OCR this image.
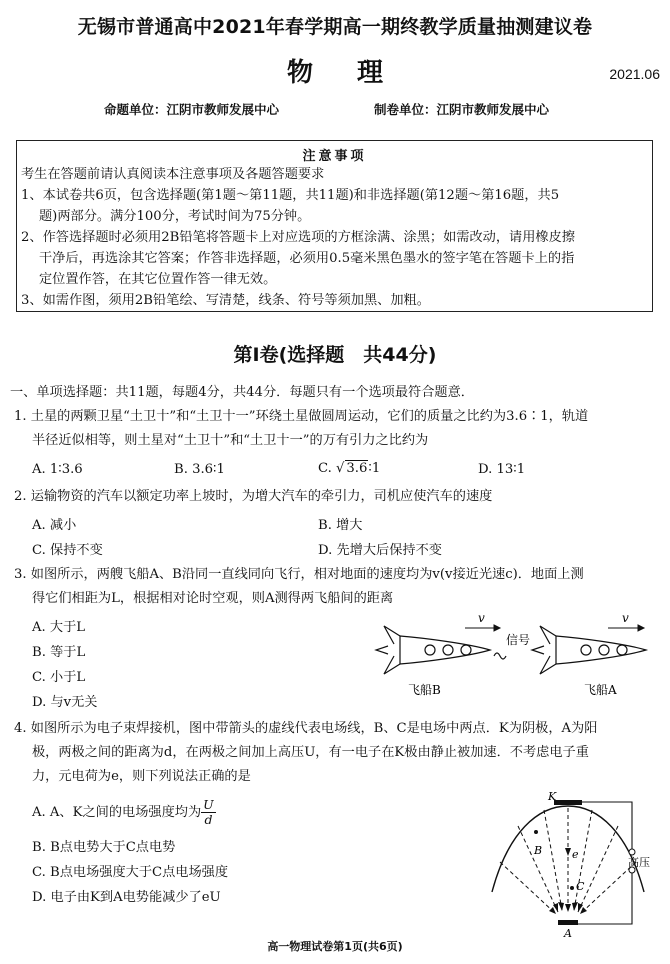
无锡市普通高中2021年春学期高一期终教学质量抽测建议卷
物理	2021.06
命题单位：江阴市教师发展中心	制卷单位：江阴市教师发展中心
注意事项
考生在答题前请认真阅读本注意事项及各题答题要求
1、本试卷共6页，包含选择题(第1题～第11题，共11题)和非选择题(第12题～第16题，共5
题)两部分。满分100分，考试时间为75分钟。
2、作答选择题时必须用2B铅笔将答题卡上对应选项的方框涂满、涂黑；如需改动，请用橡皮擦
干净后，再选涂其它答案；作答非选择题，必须用0.5毫米黑色墨水的签字笔在答题卡上的指
定位置作答，在其它位置作答一律无效。
3、如需作图，须用2B铅笔绘、写清楚，线条、符号等须加黑、加粗。
第Ⅰ卷(选择题　共44分)
一、单项选择题：共11题，每题4分，共44分．每题只有一个选项最符合题意．
1. 土星的两颗卫星“土卫十”和“土卫十一”环绕土星做圆周运动，它们的质量之比约为3.6∶1，轨道
半径近似相等，则土星对“土卫十”和“土卫十一”的万有引力之比约为
A. 1∶3.6	B. 3.6∶1	C. √ 3.6∶1	D. 13∶1
2. 运输物资的汽车以额定功率上坡时，为增大汽车的牵引力，司机应使汽车的速度
A. 减小	B. 增大
C. 保持不变	D. 先增大后保持不变
3. 如图所示，两艘飞船A、B沿同一直线同向飞行，相对地面的速度均为v(v接近光速c)．地面上测
得它们相距为L，根据相对论时空观，则A测得两飞船间的距离
A. 大于L
B. 等于L
C. 小于L
D. 与v无关
v	v
信号
飞船B	飞船A
4. 如图所示为电子束焊接机，图中带箭头的虚线代表电场线，B、C是电场中两点．K为阴极，A为阳
极，两极之间的距离为d，在两极之间加上高压U，有一电子在K极由静止被加速．不考虑电子重
力，元电荷为e，则下列说法正确的是
A. A、K之间的电场强度均为 $\frac{U}{d}$
B. B点电势大于C点电势
C. B点电场强度大于C点电场强度
D. 电子由K到A电势能减少了eU
K
B	e
C
A
高压
高一物理试卷第1页(共6页)
